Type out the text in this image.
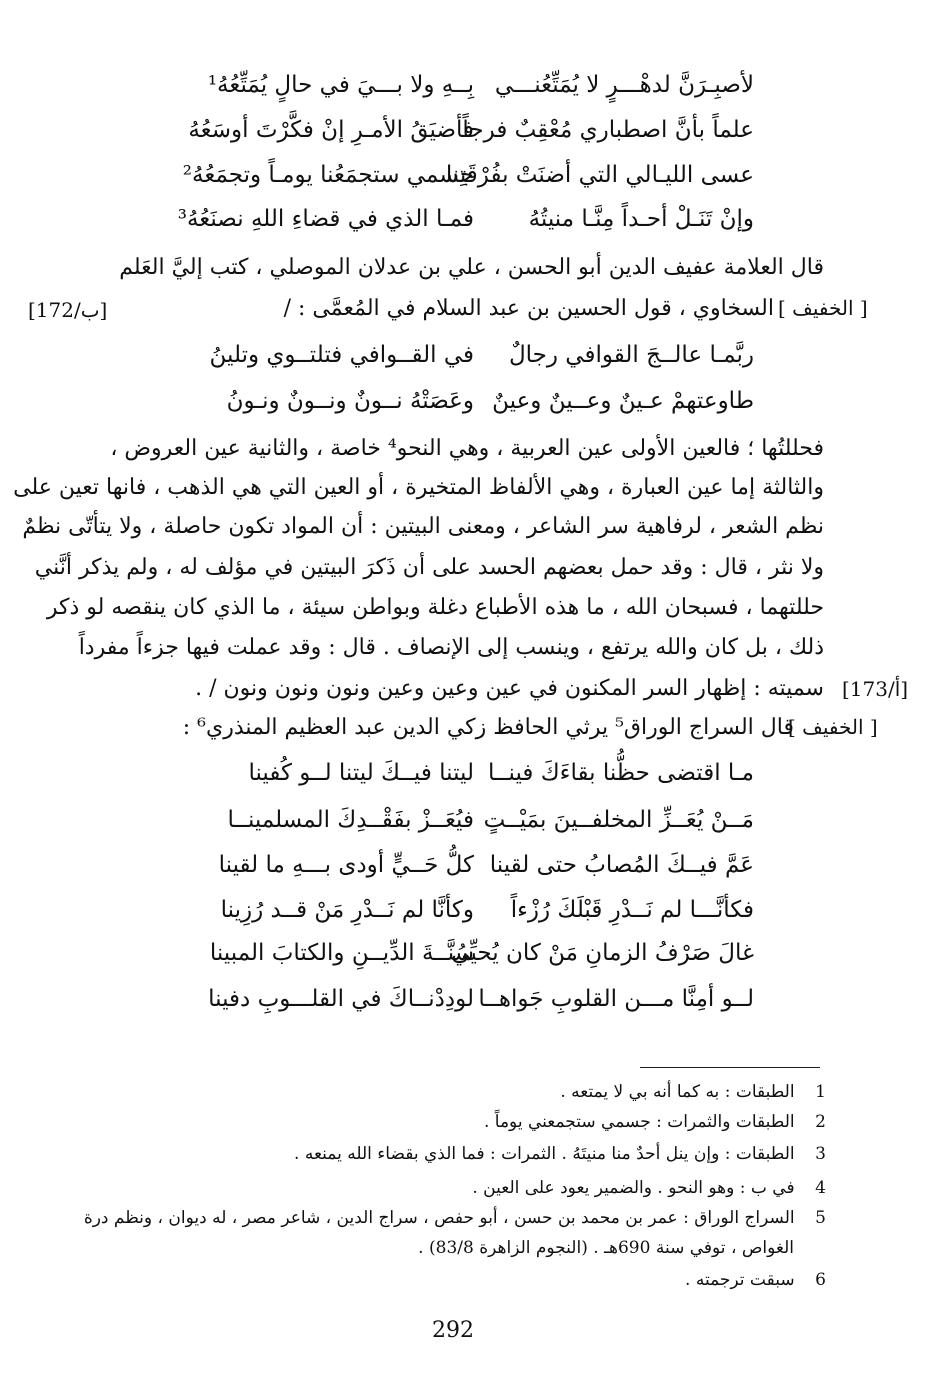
لأصبِـرَنَّ لدهْـــرٍ لا يُمَتِّعُنـــي
بِــهِ ولا بـــيَ في حالٍ يُمَتِّعُهُ¹
علماً بأنَّ اصطباري مُعْقِبٌ فرجاً
فأضيَقُ الأمـرِ إنْ فكَّرْتَ أوسَعُهُ
عسى الليـالي التي أضنَتْ بفُرْقَتِنا
جسمي ستجمَعُنا يومـاً وتجمَعُهُ²
وإنْ تَنَـلْ أحـداً مِنَّـا منيتُهُ
فمـا الذي في قضاءِ اللهِ نصنَعُهُ³
قال العلامة عفيف الدين أبو الحسن ، علي بن عدلان الموصلي ، كتب إليَّ العَلم
السخاوي ، قول الحسين بن عبد السلام في المُعمَّى : /
[172/ب]	[ الخفيف ]
ربَّمـا عالــجَ القوافي رجالٌ
في القــوافي فتلتــوي وتلينُ
طاوعتهمْ عـينٌ وعــينٌ وعينٌ
وعَصَتْهُ نــونٌ ونــونٌ ونـونُ
فحللتُها ؛ فالعين الأولى عين العربية ، وهي النحو⁴ خاصة ، والثانية عين العروض ،
والثالثة إما عين العبارة ، وهي الألفاظ المتخيرة ، أو العين التي هي الذهب ، فانها تعين على
نظم الشعر ، لرفاهية سر الشاعر ، ومعنى البيتين : أن المواد تكون حاصلة ، ولا يتأتّى نظمٌ
ولا نثر ، قال : وقد حمل بعضهم الحسد على أن ذَكرَ البيتين في مؤلف له ، ولم يذكر أنَّني
حللتهما ، فسبحان الله ، ما هذه الأطباع دغلة وبواطن سيئة ، ما الذي كان ينقصه لو ذكر
ذلك ، بل كان والله يرتفع ، وينسب إلى الإنصاف . قال : وقد عملت فيها جزءاً مفرداً
سميته : إظهار السر المكنون في عين وعين وعين ونون ونون ونون / . [173/أ]
قال السراج الوراق⁵ يرثي الحافظ زكي الدين عبد العظيم المنذري⁶ :
[ الخفيف ]
مـا اقتضى حظُّنا بقاءَكَ فينــا
ليتنا فيــكَ ليتنا لــو كُفينا
مَــنْ يُعَــزِّ المخلفــينَ بمَيْــتٍ
فيُعَــزْ بفَقْــدِكَ المسلمينــا
عَمَّ فيــكَ المُصابُ حتى لقينا
كلُّ حَــيٍّ أودى بـــهِ ما لقينا
فكأنَّـــا لم نَــدْرِ قَبْلَكَ رُزْءاً
وكأنَّا لم نَــدْرِ مَنْ قــد رُزِينا
غالَ صَرْفُ الزمانِ مَنْ كان يُحيِّي
سُنَّــةَ الدِّيــنِ والكتابَ المبينا
لــو أمِنَّا مـــن القلوبِ جَواهــا
لودِدْنــاكَ في القلـــوبِ دفينا
1 الطبقات : به كما أنه بي لا يمتعه .
2 الطبقات والثمرات : جسمي ستجمعني يوماً .
3 الطبقات : وإن ينل أحدٌ منا منيتَهُ . الثمرات : فما الذي بقضاء الله يمنعه .
4 في ب : وهو النحو . والضمير يعود على العين .
5 السراج الوراق : عمر بن محمد بن حسن ، أبو حفص ، سراج الدين ، شاعر مصر ، له ديوان ، ونظم درة
الغواص ، توفي سنة 690هـ . (النجوم الزاهرة 83/8) .
6 سبقت ترجمته .
292
